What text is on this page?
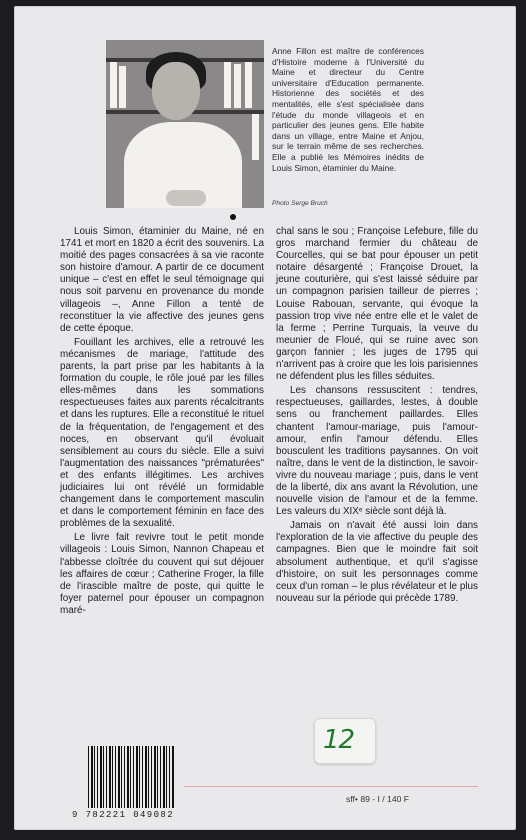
Anne Fillon est maître de conférences d'Histoire moderne à l'Université du Maine et directeur du Centre universitaire d'Education permanente. Historienne des sociétés et des mentalités, elle s'est spécialisée dans l'étude du monde villageois et en particulier des jeunes gens. Elle habite dans un village, entre Maine et Anjou, sur le terrain même de ses recherches. Elle a publié les Mémoires inédits de Louis Simon, étaminier du Maine.
Photo Serge Bruch

Louis Simon, étaminier du Maine, né en 1741 et mort en 1820 a écrit des souvenirs. La moitié des pages consacrées à sa vie raconte son histoire d'amour. A partir de ce document unique – c'est en effet le seul témoignage qui nous soit parvenu en provenance du monde villageois –, Anne Fillon a tenté de reconstituer la vie affective des jeunes gens de cette époque.

Fouillant les archives, elle a retrouvé les mécanismes de mariage, l'attitude des parents, la part prise par les habitants à la formation du couple, le rôle joué par les filles elles-mêmes dans les sommations respectueuses faites aux parents récalcitrants et dans les ruptures. Elle a reconstitué le rituel de la fréquentation, de l'engagement et des noces, en observant qu'il évoluait sensiblement au cours du siècle. Elle a suivi l'augmentation des naissances "prématurées" et des enfants illégitimes. Les archives judiciaires lui ont révélé un formidable changement dans le comportement masculin et dans le comportement féminin en face des problèmes de la sexualité.

Le livre fait revivre tout le petit monde villageois : Louis Simon, Nannon Chapeau et l'abbesse cloîtrée du couvent qui sut déjouer les affaires de cœur ; Catherine Froger, la fille de l'irascible maître de poste, qui quitte le foyer paternel pour épouser un compagnon maré-

chal sans le sou ; Françoise Lefebure, fille du gros marchand fermier du château de Courcelles, qui se bat pour épouser un petit notaire désargenté ; Françoise Drouet, la jeune couturière, qui s'est laissé séduire par un compagnon parisien tailleur de pierres ; Louise Rabouan, servante, qui évoque la passion trop vive née entre elle et le valet de la ferme ; Perrine Turquais, la veuve du meunier de Floué, qui se ruine avec son garçon fannier ; les juges de 1795 qui n'arrivent pas à croire que les lois parisiennes ne défendent plus les filles séduites.

Les chansons ressuscitent : tendres, respectueuses, gaillardes, lestes, à double sens ou franchement paillardes. Elles chantent l'amour-mariage, puis l'amour-amour, enfin l'amour défendu. Elles bousculent les traditions paysannes. On voit naître, dans le vent de la distinction, le savoir-vivre du nouveau mariage ; puis, dans le vent de la liberté, dix ans avant la Révolution, une nouvelle vision de l'amour et de la femme. Les valeurs du XIXᵉ siècle sont déjà là.

Jamais on n'avait été aussi loin dans l'exploration de la vie affective du peuple des campagnes. Bien que le moindre fait soit absolument authentique, et qu'il s'agisse d'histoire, on suit les personnages comme ceux d'un roman – le plus révélateur et le plus nouveau sur la période qui précède 1789.

12
9 782221 049082
sff• 89 - I / 140 F
